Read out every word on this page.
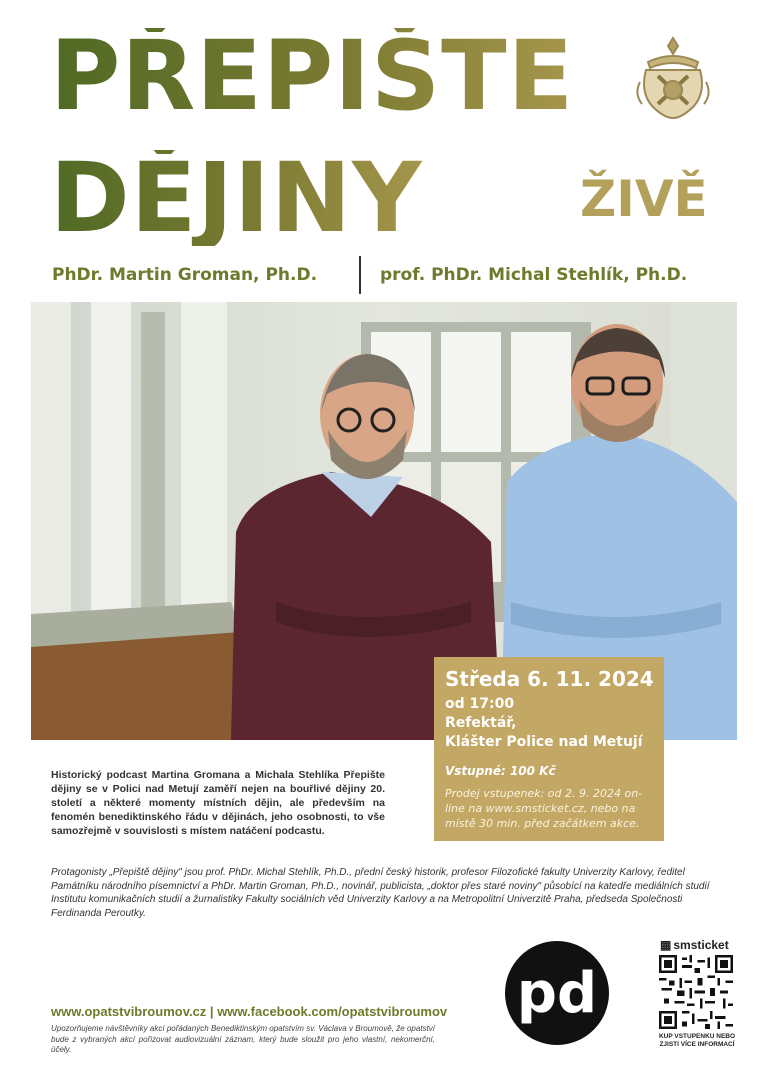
PŘEPIŠTE
DĚJINY	ŽIVĚ
PhDr. Martin Groman, Ph.D.	prof. PhDr. Michal Stehlík, Ph.D.
Středa 6. 11. 2024
od 17:00
Refektář,
Klášter Police nad Metují
Vstupné: 100 Kč
Prodej vstupenek: od 2. 9. 2024 on-line na www.smsticket.cz, nebo na místě 30 min. před začátkem akce.
Historický podcast Martina Gromana a Michala Stehlíka Přepište dějiny se v Polici nad Metují zaměří nejen na bouřlivé dějiny 20. století a některé momenty místních dějin, ale především na fenomén benediktinského řádu v dějinách, jeho osobnosti, to vše samozřejmě v souvislosti s místem natáčení podcastu.
Protagonisty „Přepiště dějiny" jsou prof. PhDr. Michal Stehlík, Ph.D., přední český historik, profesor Filozofické fakulty Univerzity Karlovy, ředitel Památníku národního písemnictví a PhDr. Martin Groman, Ph.D., novinář, publicista, „doktor přes staré noviny" působící na katedře mediálních studií Institutu komunikačních studií a žurnalistiky Fakulty sociálních věd Univerzity Karlovy a na Metropolitní Univerzitě Praha, předseda Společnosti Ferdinanda Peroutky.
pd
▦ smsticket
KUP VSTUPENKU NEBO ZJISTI VÍCE INFORMACÍ
www.opatstvibroumov.cz | www.facebook.com/opatstvibroumov
Upozorňujeme návštěvníky akcí pořádaných Benediktinským opatstvím sv. Václava v Broumově, že opatství bude z vybraných akcí pořizovat audiovizuální záznam, který bude sloužit pro jeho vlastní, nekomerční, účely.
